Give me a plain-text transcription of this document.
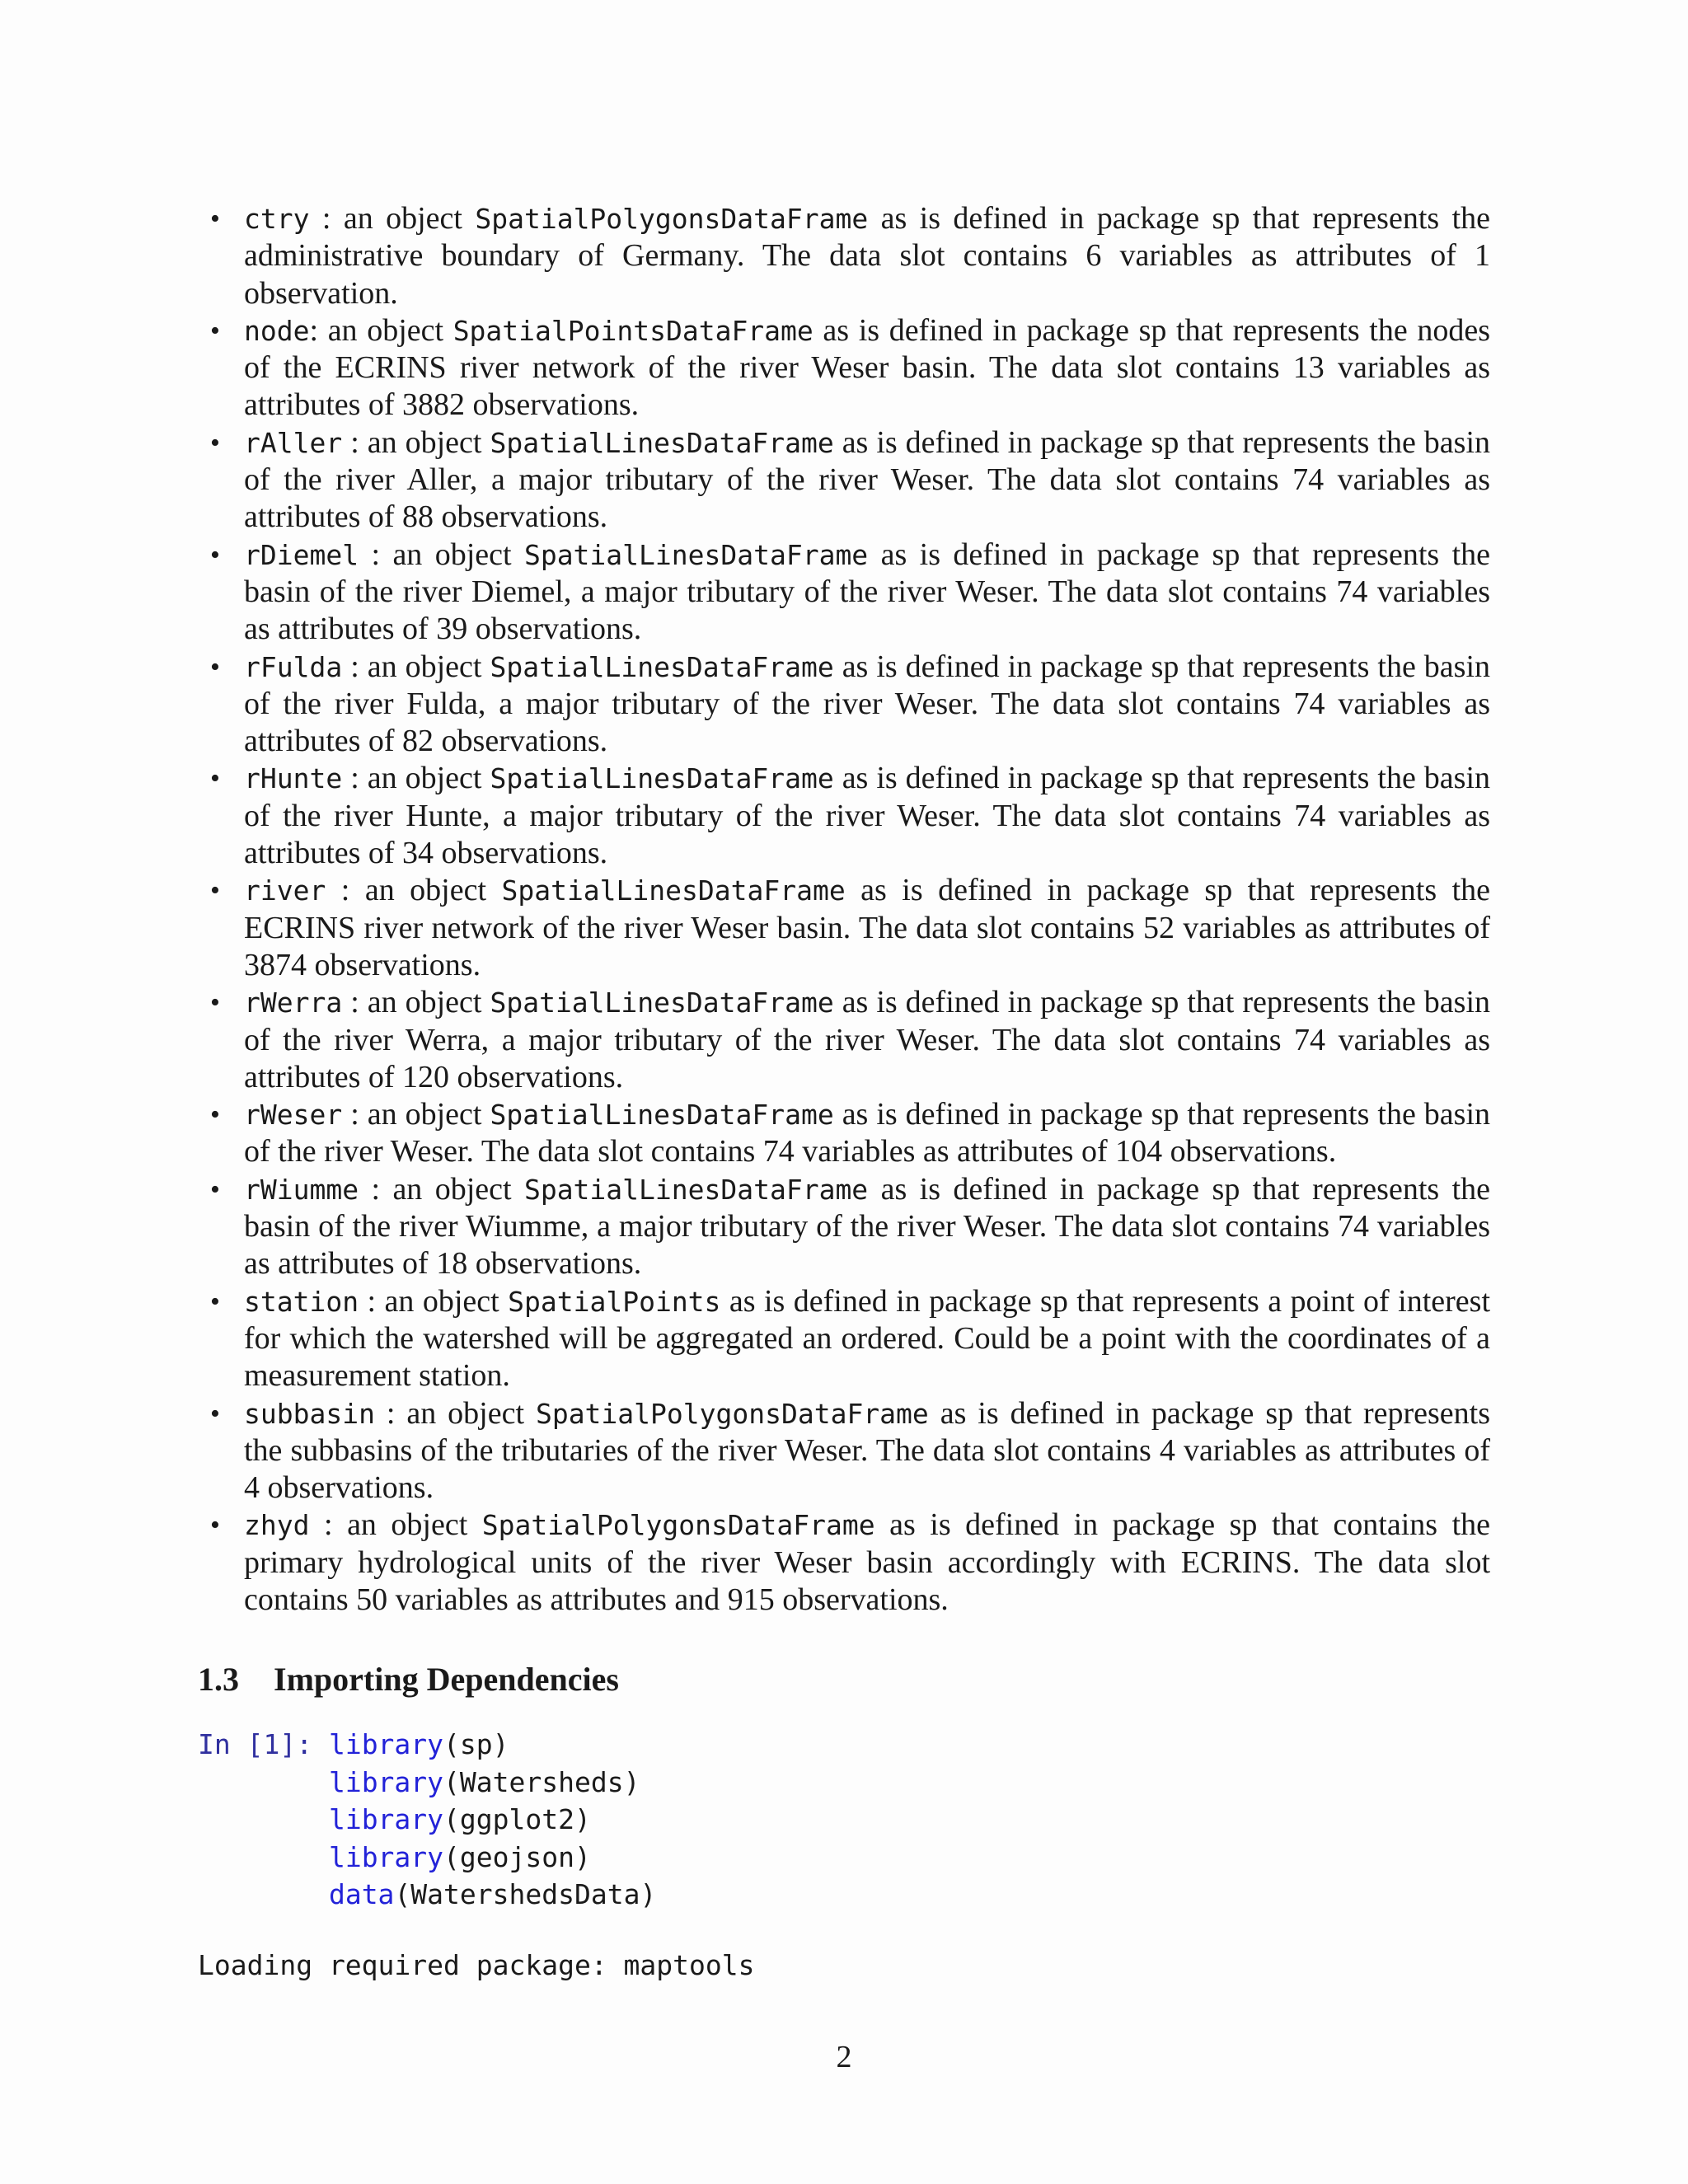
• ctry : an object SpatialPolygonsDataFrame as is defined in package sp that represents the administrative boundary of Germany. The data slot contains 6 variables as attributes of 1 observation.
• node: an object SpatialPointsDataFrame as is defined in package sp that represents the nodes of the ECRINS river network of the river Weser basin. The data slot contains 13 variables as attributes of 3882 observations.
• rAller : an object SpatialLinesDataFrame as is defined in package sp that represents the basin of the river Aller, a major tributary of the river Weser. The data slot contains 74 variables as attributes of 88 observations.
• rDiemel : an object SpatialLinesDataFrame as is defined in package sp that represents the basin of the river Diemel, a major tributary of the river Weser. The data slot contains 74 variables as attributes of 39 observations.
• rFulda : an object SpatialLinesDataFrame as is defined in package sp that represents the basin of the river Fulda, a major tributary of the river Weser. The data slot contains 74 variables as attributes of 82 observations.
• rHunte : an object SpatialLinesDataFrame as is defined in package sp that represents the basin of the river Hunte, a major tributary of the river Weser. The data slot contains 74 variables as attributes of 34 observations.
• river : an object SpatialLinesDataFrame as is defined in package sp that represents the ECRINS river network of the river Weser basin. The data slot contains 52 variables as attributes of 3874 observations.
• rWerra : an object SpatialLinesDataFrame as is defined in package sp that represents the basin of the river Werra, a major tributary of the river Weser. The data slot contains 74 variables as attributes of 120 observations.
• rWeser : an object SpatialLinesDataFrame as is defined in package sp that represents the basin of the river Weser. The data slot contains 74 variables as attributes of 104 observations.
• rWiumme : an object SpatialLinesDataFrame as is defined in package sp that represents the basin of the river Wiumme, a major tributary of the river Weser. The data slot contains 74 variables as attributes of 18 observations.
• station : an object SpatialPoints as is defined in package sp that represents a point of interest for which the watershed will be aggregated an ordered. Could be a point with the coordinates of a measurement station.
• subbasin : an object SpatialPolygonsDataFrame as is defined in package sp that represents the subbasins of the tributaries of the river Weser. The data slot contains 4 variables as attributes of 4 observations.
• zhyd : an object SpatialPolygonsDataFrame as is defined in package sp that contains the primary hydrological units of the river Weser basin accordingly with ECRINS. The data slot contains 50 variables as attributes and 915 observations.
1.3 Importing Dependencies
In [1]: library(sp)
library(Watersheds)
library(ggplot2)
library(geojson)
data(WatershedsData)
Loading required package: maptools
2
